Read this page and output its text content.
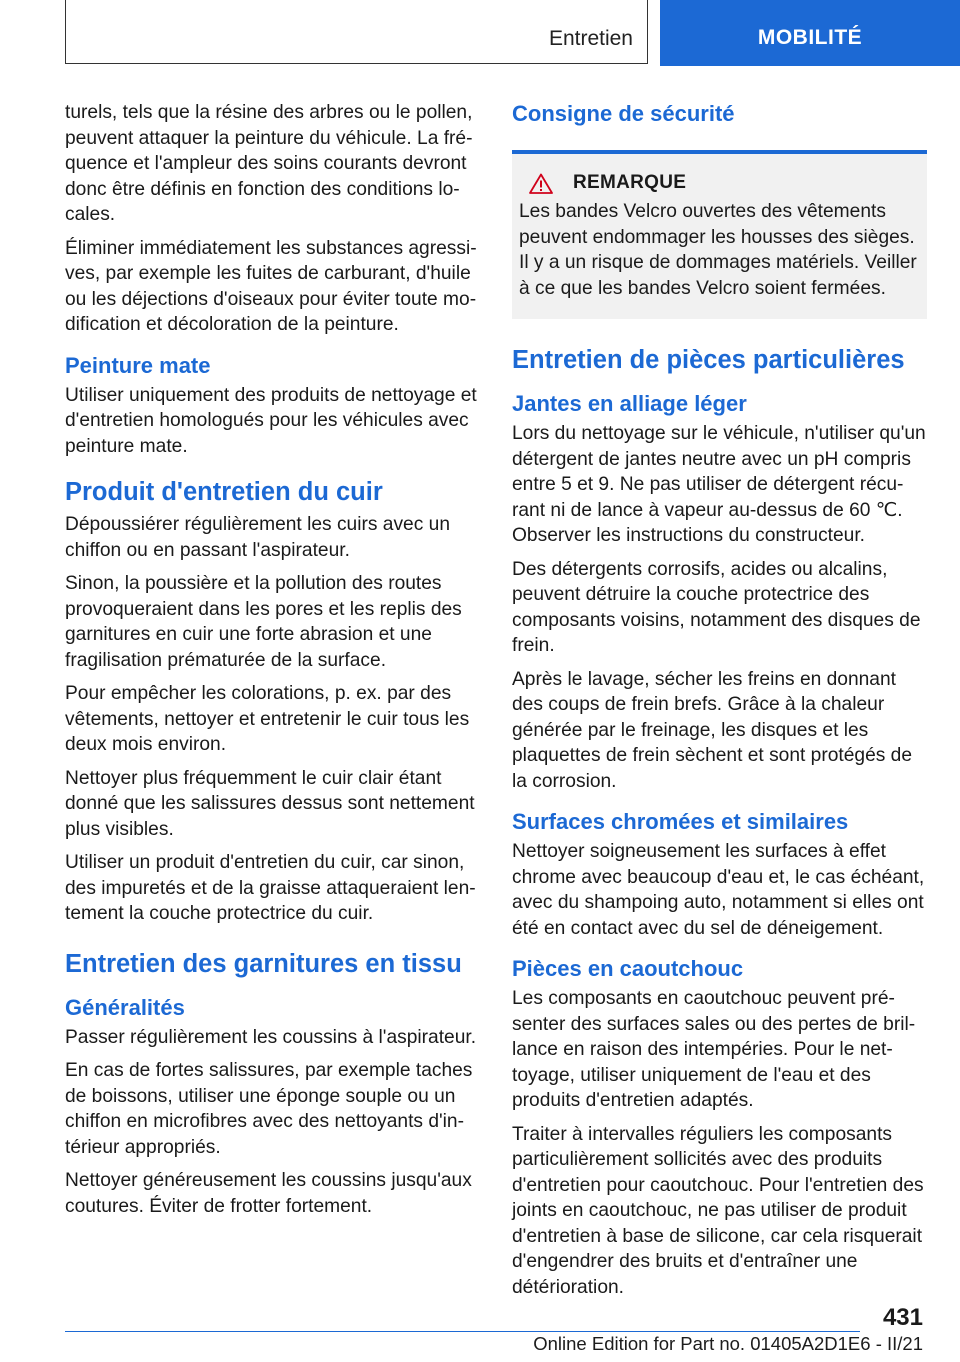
Entretien	MOBILITÉ

turels, tels que la résine des arbres ou le pollen, peuvent attaquer la peinture du véhicule. La fréquence et l'ampleur des soins courants devront donc être définis en fonction des conditions locales.

Éliminer immédiatement les substances agressives, par exemple les fuites de carburant, d'huile ou les déjections d'oiseaux pour éviter toute modification et décoloration de la peinture.

Peinture mate

Utiliser uniquement des produits de nettoyage et d'entretien homologués pour les véhicules avec peinture mate.

Produit d'entretien du cuir

Dépoussiérer régulièrement les cuirs avec un chiffon ou en passant l'aspirateur.

Sinon, la poussière et la pollution des routes provoqueraient dans les pores et les replis des garnitures en cuir une forte abrasion et une fragilisation prématurée de la surface.

Pour empêcher les colorations, p. ex. par des vêtements, nettoyer et entretenir le cuir tous les deux mois environ.

Nettoyer plus fréquemment le cuir clair étant donné que les salissures dessus sont nettement plus visibles.

Utiliser un produit d'entretien du cuir, car sinon, des impuretés et de la graisse attaqueraient lentement la couche protectrice du cuir.

Entretien des garnitures en tissu
Généralités

Passer régulièrement les coussins à l'aspirateur.

En cas de fortes salissures, par exemple taches de boissons, utiliser une éponge souple ou un chiffon en microfibres avec des nettoyants d'intérieur appropriés.

Nettoyer généreusement les coussins jusqu'aux coutures. Éviter de frotter fortement.

Consigne de sécurité
REMARQUE

Les bandes Velcro ouvertes des vêtements peuvent endommager les housses des sièges. Il y a un risque de dommages matériels. Veiller à ce que les bandes Velcro soient fermées.

Entretien de pièces particulières
Jantes en alliage léger

Lors du nettoyage sur le véhicule, n'utiliser qu'un détergent de jantes neutre avec un pH compris entre 5 et 9. Ne pas utiliser de détergent récurant ni de lance à vapeur au-dessus de 60 ℃. Observer les instructions du constructeur.

Des détergents corrosifs, acides ou alcalins, peuvent détruire la couche protectrice des composants voisins, notamment des disques de frein.

Après le lavage, sécher les freins en donnant des coups de frein brefs. Grâce à la chaleur générée par le freinage, les disques et les plaquettes de frein sèchent et sont protégés de la corrosion.

Surfaces chromées et similaires

Nettoyer soigneusement les surfaces à effet chrome avec beaucoup d'eau et, le cas échéant, avec du shampoing auto, notamment si elles ont été en contact avec du sel de déneigement.

Pièces en caoutchouc

Les composants en caoutchouc peuvent présenter des surfaces sales ou des pertes de brillance en raison des intempéries. Pour le nettoyage, utiliser uniquement de l'eau et des produits d'entretien adaptés.

Traiter à intervalles réguliers les composants particulièrement sollicités avec des produits d'entretien pour caoutchouc. Pour l'entretien des joints en caoutchouc, ne pas utiliser de produit d'entretien à base de silicone, car cela risquerait d'engendrer des bruits et d'entraîner une détérioration.

431
Online Edition for Part no. 01405A2D1E6 - II/21
